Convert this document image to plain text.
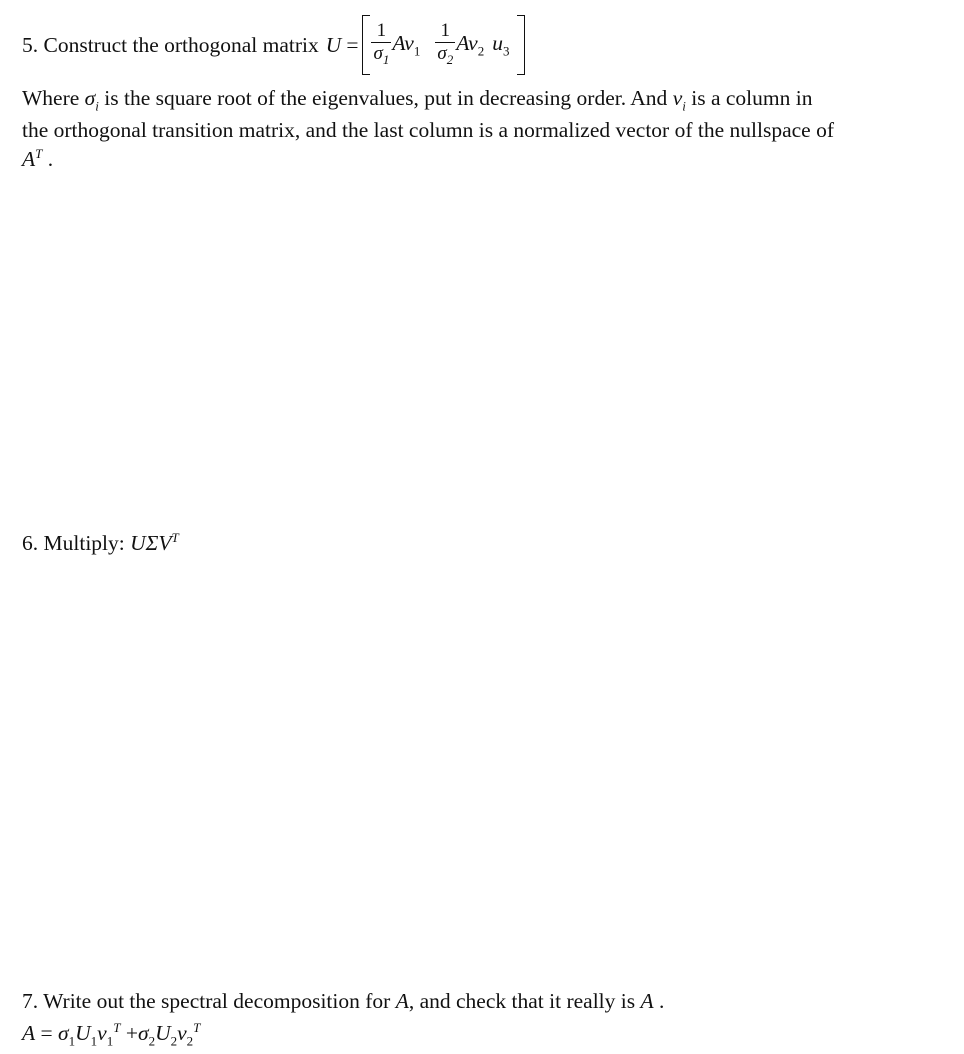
5. Construct the orthogonal matrix $U = \frac{1}{\sigma_1} Av_1 \frac{1}{\sigma_2} Av_2$ $u_3$
Where $\sigma_i$ is the square root of the eigenvalues, put in decreasing order. And $v_i$ is a column in
the orthogonal transition matrix, and the last column is a normalized vector of the nullspace of
$A^T$ .
6. Multiply: $U\Sigma V^T$
7. Write out the spectral decomposition for A, and check that it really is A .
$A = \sigma_1U_1v_1^T +\sigma_2U_2v_2^T$
